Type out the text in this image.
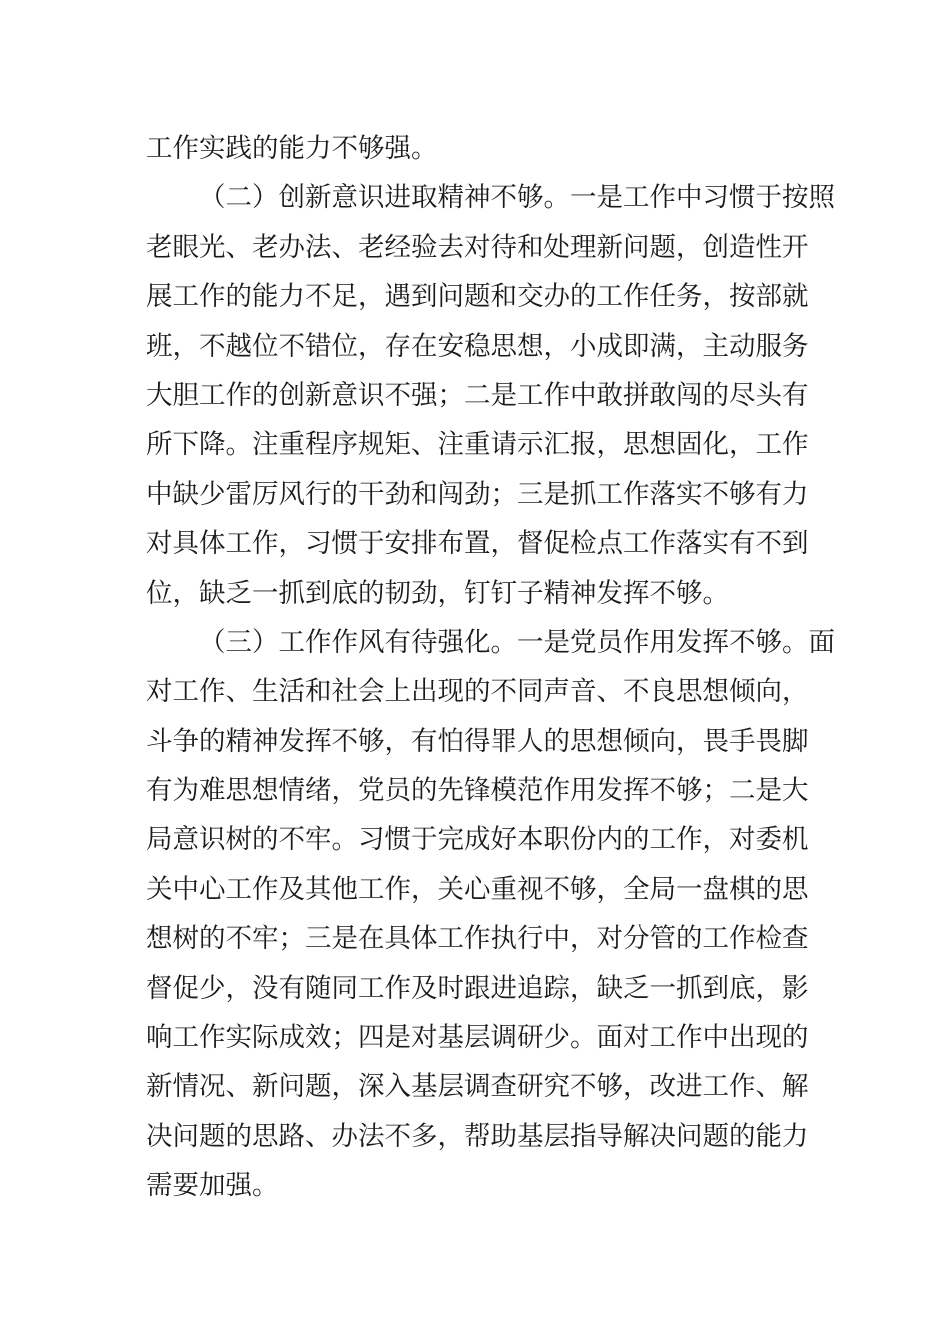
工作实践的能力不够强。
（二）创新意识进取精神不够。一是工作中习惯于按照
老眼光、老办法、老经验去对待和处理新问题，创造性开
展工作的能力不足，遇到问题和交办的工作任务，按部就
班，不越位不错位，存在安稳思想，小成即满，主动服务
大胆工作的创新意识不强；二是工作中敢拼敢闯的尽头有
所下降。注重程序规矩、注重请示汇报，思想固化，工作
中缺少雷厉风行的干劲和闯劲；三是抓工作落实不够有力
对具体工作，习惯于安排布置，督促检点工作落实有不到
位，缺乏一抓到底的韧劲，钉钉子精神发挥不够。
（三）工作作风有待强化。一是党员作用发挥不够。面
对工作、生活和社会上出现的不同声音、不良思想倾向，
斗争的精神发挥不够，有怕得罪人的思想倾向，畏手畏脚
有为难思想情绪，党员的先锋模范作用发挥不够；二是大
局意识树的不牢。习惯于完成好本职份内的工作，对委机
关中心工作及其他工作，关心重视不够，全局一盘棋的思
想树的不牢；三是在具体工作执行中，对分管的工作检查
督促少，没有随同工作及时跟进追踪，缺乏一抓到底，影
响工作实际成效；四是对基层调研少。面对工作中出现的
新情况、新问题，深入基层调查研究不够，改进工作、解
决问题的思路、办法不多，帮助基层指导解决问题的能力
需要加强。
